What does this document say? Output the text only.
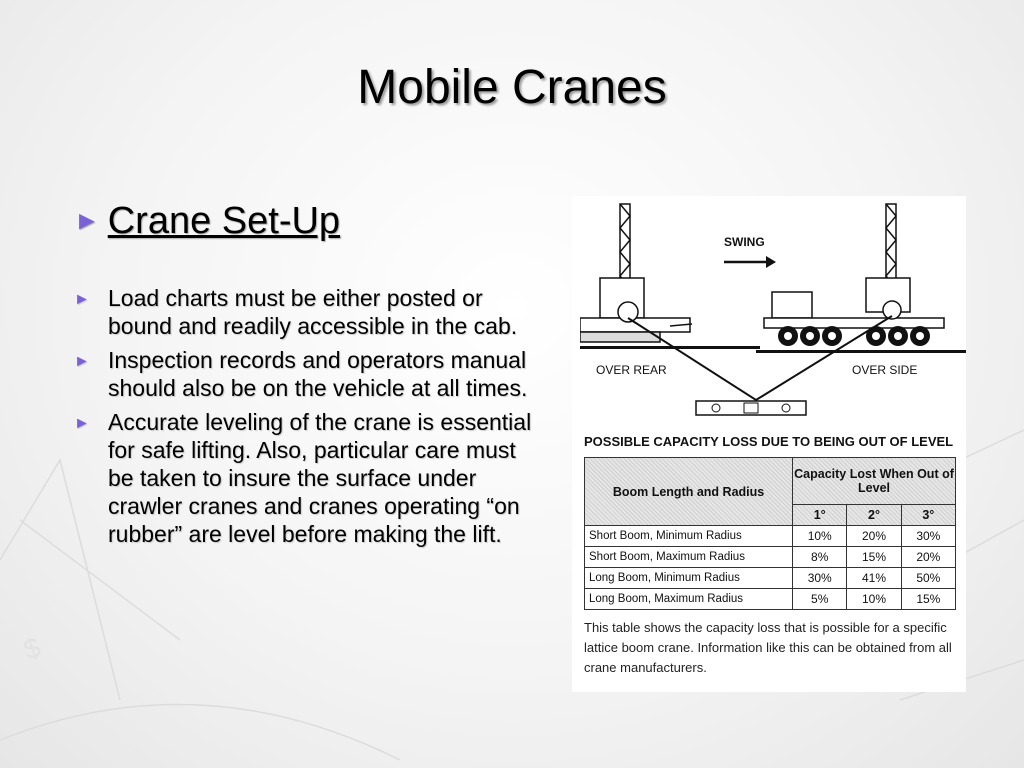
$
Mobile Cranes
► Crane Set-Up
► Load charts must be either posted or bound and readily accessible in the cab.
► Inspection records and operators manual should also be on the vehicle at all times.
► Accurate leveling of the crane is essential for safe lifting. Also, particular care must be taken to insure the surface under crawler cranes and cranes operating “on rubber” are level before making the lift.
SWING
OVER REAR	OVER SIDE
POSSIBLE CAPACITY LOSS DUE TO BEING OUT OF LEVEL
Boom Length and Radius	Capacity Lost When Out of Level		
	1°	2°	3°
Short Boom, Minimum Radius	10%	20%	30%
Short Boom, Maximum Radius	8%	15%	20%
Long Boom, Minimum Radius	30%	41%	50%
Long Boom, Maximum Radius	5%	10%	15%
This table shows the capacity loss that is possible for a specific lattice boom crane. Information like this can be obtained from all crane manufacturers.
